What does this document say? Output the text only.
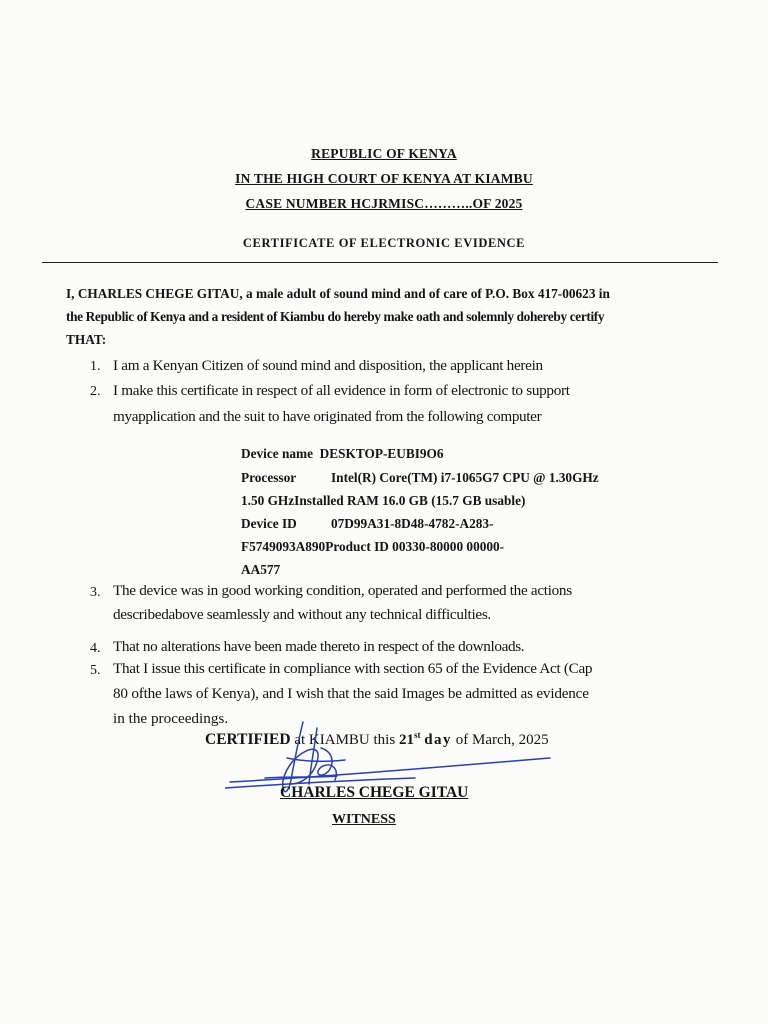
REPUBLIC OF KENYA
IN THE HIGH COURT OF KENYA AT KIAMBU
CASE NUMBER HCJRMISC………..OF 2025
CERTIFICATE OF ELECTRONIC EVIDENCE
I, CHARLES CHEGE GITAU, a male adult of sound mind and of care of P.O. Box 417-00623 in
the Republic of Kenya and a resident of Kiambu do hereby make oath and solemnly dohereby certify
THAT:
1. I am a Kenyan Citizen of sound mind and disposition, the applicant herein
2. I make this certificate in respect of all evidence in form of electronic to support
myapplication and the suit to have originated from the following computer
Device name DESKTOP-EUBI9O6
Processor	Intel(R) Core(TM) i7-1065G7 CPU @ 1.30GHz
1.50 GHzInstalled RAM 16.0 GB (15.7 GB usable)
Device ID	07D99A31-8D48-4782-A283-
F5749093A890Product ID 00330-80000 00000-
AA577
3. The device was in good working condition, operated and performed the actions
describedabove seamlessly and without any technical difficulties.
4. That no alterations have been made thereto in respect of the downloads.
5. That I issue this certificate in compliance with section 65 of the Evidence Act (Cap
80 ofthe laws of Kenya), and I wish that the said Images be admitted as evidence
in the proceedings.
CERTIFIED at KIAMBU this 21st day of March, 2025
CHARLES CHEGE GITAU
WITNESS
